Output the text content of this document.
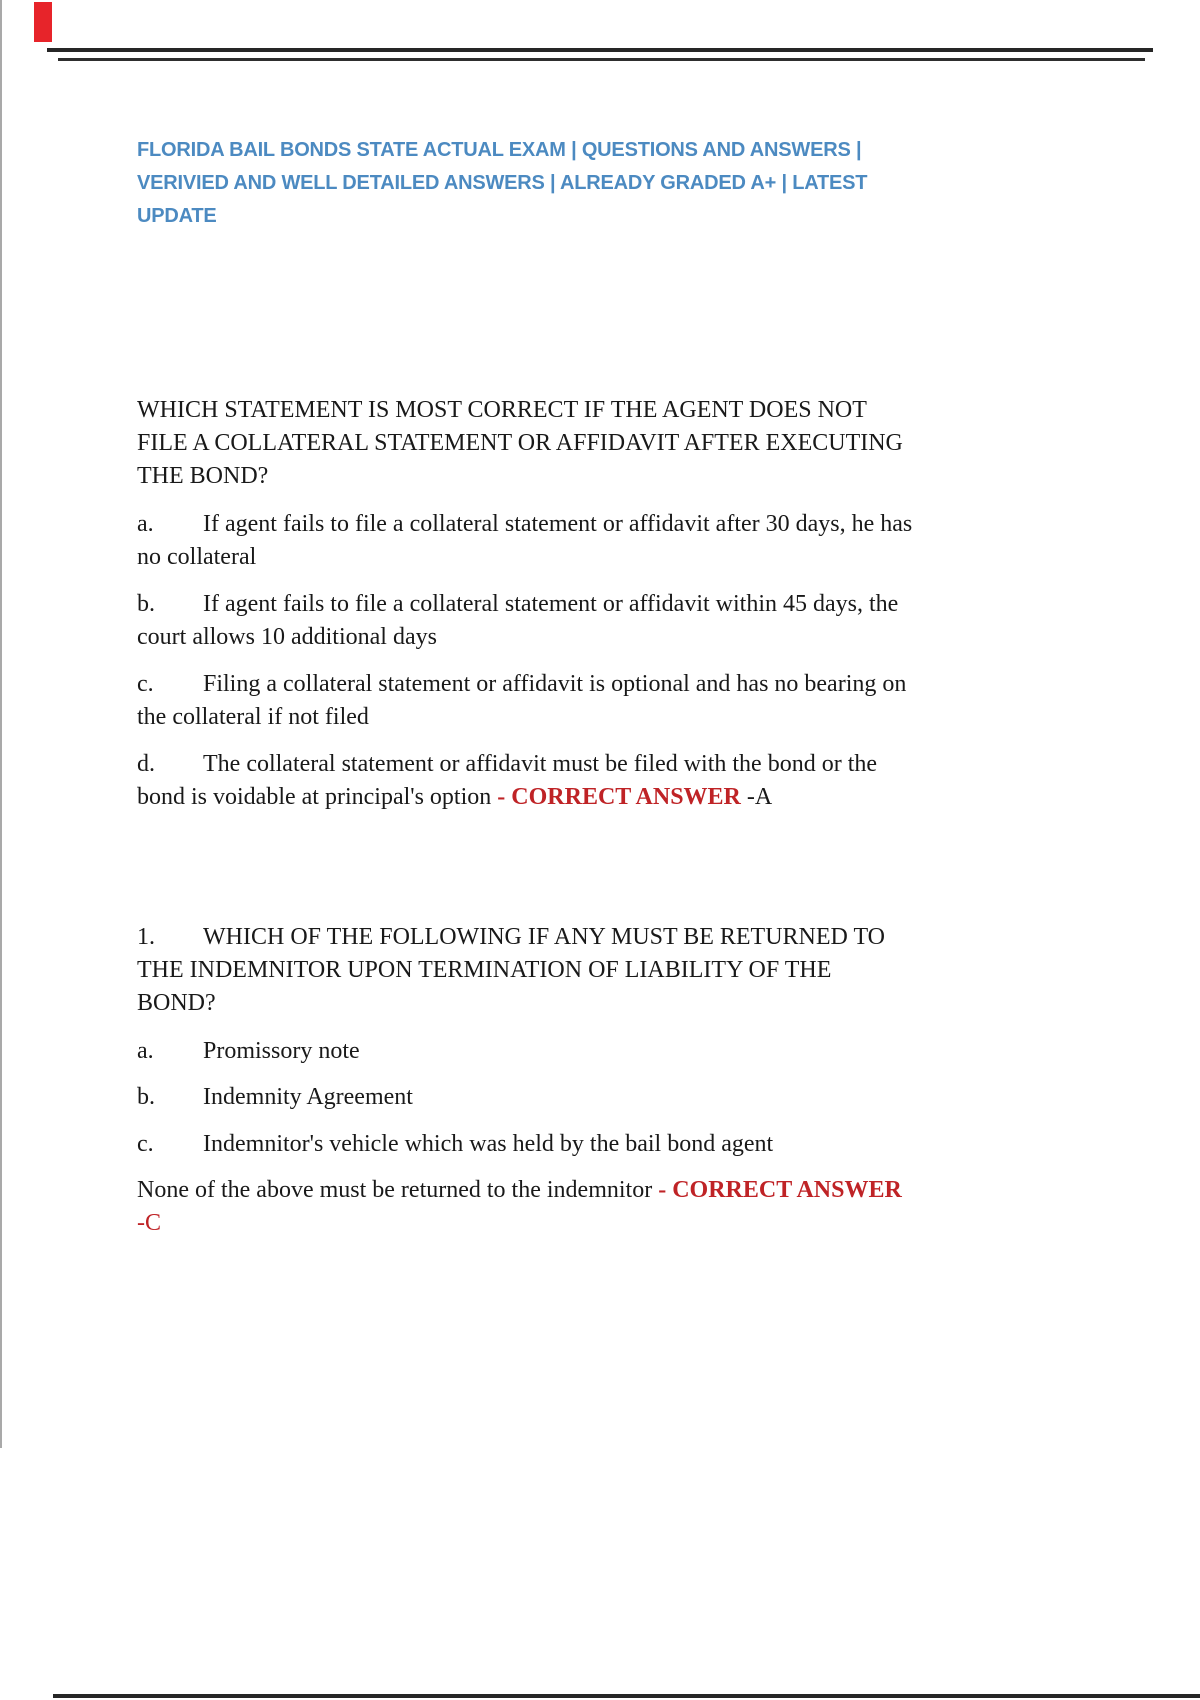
FLORIDA BAIL BONDS STATE ACTUAL EXAM | QUESTIONS AND ANSWERS |
VERIVIED AND WELL DETAILED ANSWERS | ALREADY GRADED A+ | LATEST
UPDATE
WHICH STATEMENT IS MOST CORRECT IF THE AGENT DOES NOT
FILE A COLLATERAL STATEMENT OR AFFIDAVIT AFTER EXECUTING
THE BOND?
a. If agent fails to file a collateral statement or affidavit after 30 days, he has
no collateral
b. If agent fails to file a collateral statement or affidavit within 45 days, the
court allows 10 additional days
c. Filing a collateral statement or affidavit is optional and has no bearing on
the collateral if not filed
d. The collateral statement or affidavit must be filed with the bond or the
bond is voidable at principal's option - CORRECT ANSWER -A
1. WHICH OF THE FOLLOWING IF ANY MUST BE RETURNED TO
THE INDEMNITOR UPON TERMINATION OF LIABILITY OF THE
BOND?
a. Promissory note
b. Indemnity Agreement
c. Indemnitor's vehicle which was held by the bail bond agent
None of the above must be returned to the indemnitor - CORRECT ANSWER
-C
